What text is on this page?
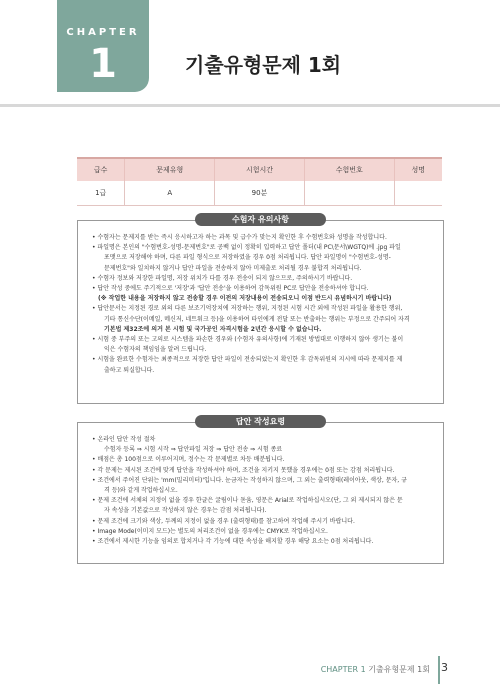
CHAPTER
1	기출유형문제 1회
급수	문제유형	시험시간	수험번호	성명
1급	A	90분		
수험자 유의사항
• 수험자는 문제지를 받는 즉시 응시하고자 하는 과목 및 급수가 맞는지 확인한 후 수험번호와 성명을 작성합니다.
• 파일명은 본인의 "수험번호-성명-문제번호"로 공백 없이 정확히 입력하고 답안 폴더(내 PC\문서\WGTQ)에 .jpg 파일
포맷으로 저장해야 하며, 다른 파일 형식으로 저장하였을 경우 0점 처리됩니다. 답안 파일명이 "수험번호-성명-
문제번호"와 일치하지 않거나 답안 파일을 전송하지 않아 미제출로 처리될 경우 불합격 처리됩니다.
• 수험자 정보와 저장한 파일명, 저장 위치가 다를 경우 전송이 되지 않으므로, 주의하시기 바랍니다.
• 답안 작성 중에도 주기적으로 '저장'과 '답안 전송'을 이용하여 감독위원 PC로 답안을 전송하셔야 합니다.
(※ 작업한 내용을 저장하지 않고 전송할 경우 이전의 저장내용이 전송되오니 이점 반드시 유념하시기 바랍니다)
• 답안문서는 지정된 경로 외의 다른 보조기억장치에 저장하는 행위, 지정된 시험 시간 외에 작성된 파일을 활용한 행위,
기타 통신수단(이메일, 메신저, 네트워크 등)을 이용하여 타인에게 전달 또는 반출하는 행위는 부정으로 간주되어 자격
기본법 제32조에 의거 본 시험 및 국가공인 자격시험을 2년간 응시할 수 없습니다.
• 시험 중 부주의 또는 고의로 시스템을 파손한 경우와 (수험자 유의사항)에 기재된 방법대로 이행하지 않아 생기는 불이
익은 수험자의 책임임을 알려 드립니다.
• 시험을 완료한 수험자는 최종적으로 저장한 답안 파일이 전송되었는지 확인한 후 감독위원의 지시에 따라 문제지를 제
출하고 퇴실합니다.
답안 작성요령
• 온라인 답안 작성 절차
수험자 등록 ⇒ 시험 시작 ⇒ 답안파일 저장 ⇒ 답안 전송 ⇒ 시험 종료
• 배점은 총 100점으로 이루어지며, 정수는 각 문제별로 차등 배분됩니다.
• 각 문제는 제시된 조건에 맞게 답안을 작성하셔야 하며, 조건을 지키지 못했을 경우에는 0점 또는 감점 처리됩니다.
• 조건에서 주어진 단위는 'mm(밀리미터)'입니다. 눈금자는 작성하지 않으며, 그 외는 출력형태(레이아웃, 색상, 문자, 규
격 등)와 같게 작업하십시오.
• 문제 조건에 서체의 지정이 없을 경우 한글은 굴림이나 돋움, 영문은 Arial로 작업하십시오(단, 그 외 제시되지 않은 문
자 속성을 기본값으로 작성하지 않은 경우는 감점 처리됩니다).
• 문제 조건에 크기와 색상, 두께의 지정이 없을 경우 (출력형태)를 참고하여 작업해 주시기 바랍니다.
• Image Mode(이미지 모드)는 별도의 처리조건이 없을 경우에는 CMYK로 작업하십시오.
• 조건에서 제시한 기능을 임의로 합치거나 각 기능에 대한 속성을 해지할 경우 해당 요소는 0점 처리됩니다.
CHAPTER 1 기출유형문제 1회 3
